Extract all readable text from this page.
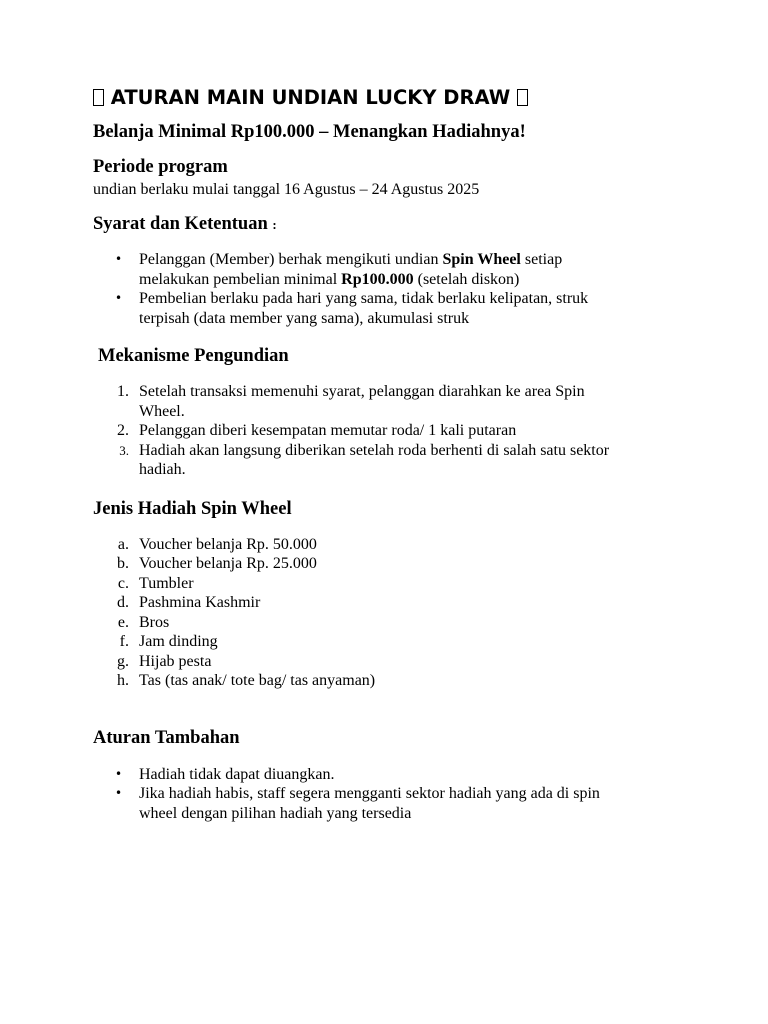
ATURAN MAIN UNDIAN LUCKY DRAW
Belanja Minimal Rp100.000 – Menangkan Hadiahnya!
Periode program
undian berlaku mulai tanggal 16 Agustus – 24 Agustus 2025
Syarat dan Ketentuan :
• Pelanggan (Member) berhak mengikuti undian Spin Wheel setiap
melakukan pembelian minimal Rp100.000 (setelah diskon)
• Pembelian berlaku pada hari yang sama, tidak berlaku kelipatan, struk
terpisah (data member yang sama), akumulasi struk
Mekanisme Pengundian
1. Setelah transaksi memenuhi syarat, pelanggan diarahkan ke area Spin
Wheel.
2. Pelanggan diberi kesempatan memutar roda/ 1 kali putaran
3. Hadiah akan langsung diberikan setelah roda berhenti di salah satu sektor
hadiah.
Jenis Hadiah Spin Wheel
a. Voucher belanja Rp. 50.000
b. Voucher belanja Rp. 25.000
c. Tumbler
d. Pashmina Kashmir
e. Bros
f. Jam dinding
g. Hijab pesta
h. Tas (tas anak/ tote bag/ tas anyaman)
Aturan Tambahan
• Hadiah tidak dapat diuangkan.
• Jika hadiah habis, staff segera mengganti sektor hadiah yang ada di spin
wheel dengan pilihan hadiah yang tersedia
